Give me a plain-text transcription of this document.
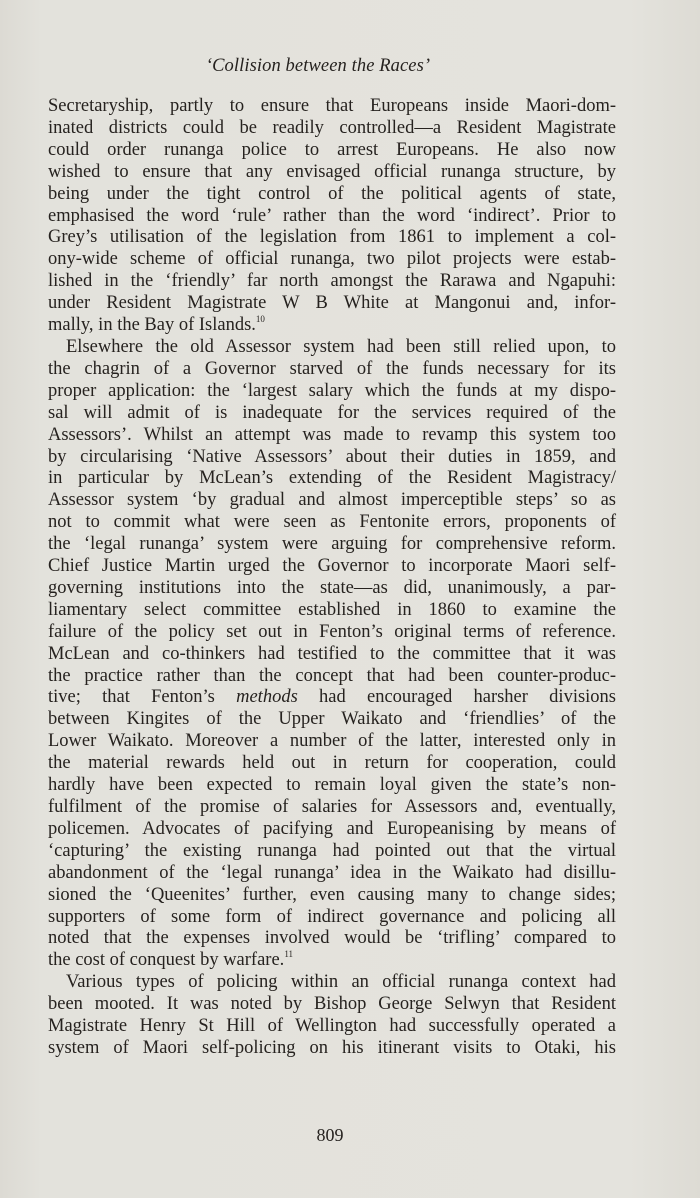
‘Collision between the Races’
Secretaryship, partly to ensure that Europeans inside Maori-dom-
inated districts could be readily controlled—a Resident Magistrate
could order runanga police to arrest Europeans. He also now
wished to ensure that any envisaged official runanga structure, by
being under the tight control of the political agents of state,
emphasised the word ‘rule’ rather than the word ‘indirect’. Prior to
Grey’s utilisation of the legislation from 1861 to implement a col-
ony-wide scheme of official runanga, two pilot projects were estab-
lished in the ‘friendly’ far north amongst the Rarawa and Ngapuhi:
under Resident Magistrate W B White at Mangonui and, infor-
mally, in the Bay of Islands.$^{10}$
Elsewhere the old Assessor system had been still relied upon, to
the chagrin of a Governor starved of the funds necessary for its
proper application: the ‘largest salary which the funds at my dispo-
sal will admit of is inadequate for the services required of the
Assessors’. Whilst an attempt was made to revamp this system too
by circularising ‘Native Assessors’ about their duties in 1859, and
in particular by McLean’s extending of the Resident Magistracy/
Assessor system ‘by gradual and almost imperceptible steps’ so as
not to commit what were seen as Fentonite errors, proponents of
the ‘legal runanga’ system were arguing for comprehensive reform.
Chief Justice Martin urged the Governor to incorporate Maori self-
governing institutions into the state—as did, unanimously, a par-
liamentary select committee established in 1860 to examine the
failure of the policy set out in Fenton’s original terms of reference.
McLean and co-thinkers had testified to the committee that it was
the practice rather than the concept that had been counter-produc-
tive; that Fenton’s methods had encouraged harsher divisions
between Kingites of the Upper Waikato and ‘friendlies’ of the
Lower Waikato. Moreover a number of the latter, interested only in
the material rewards held out in return for cooperation, could
hardly have been expected to remain loyal given the state’s non-
fulfilment of the promise of salaries for Assessors and, eventually,
policemen. Advocates of pacifying and Europeanising by means of
‘capturing’ the existing runanga had pointed out that the virtual
abandonment of the ‘legal runanga’ idea in the Waikato had disillu-
sioned the ‘Queenites’ further, even causing many to change sides;
supporters of some form of indirect governance and policing all
noted that the expenses involved would be ‘trifling’ compared to
the cost of conquest by warfare.$^{11}$
Various types of policing within an official runanga context had
been mooted. It was noted by Bishop George Selwyn that Resident
Magistrate Henry St Hill of Wellington had successfully operated a
system of Maori self-policing on his itinerant visits to Otaki, his
809
